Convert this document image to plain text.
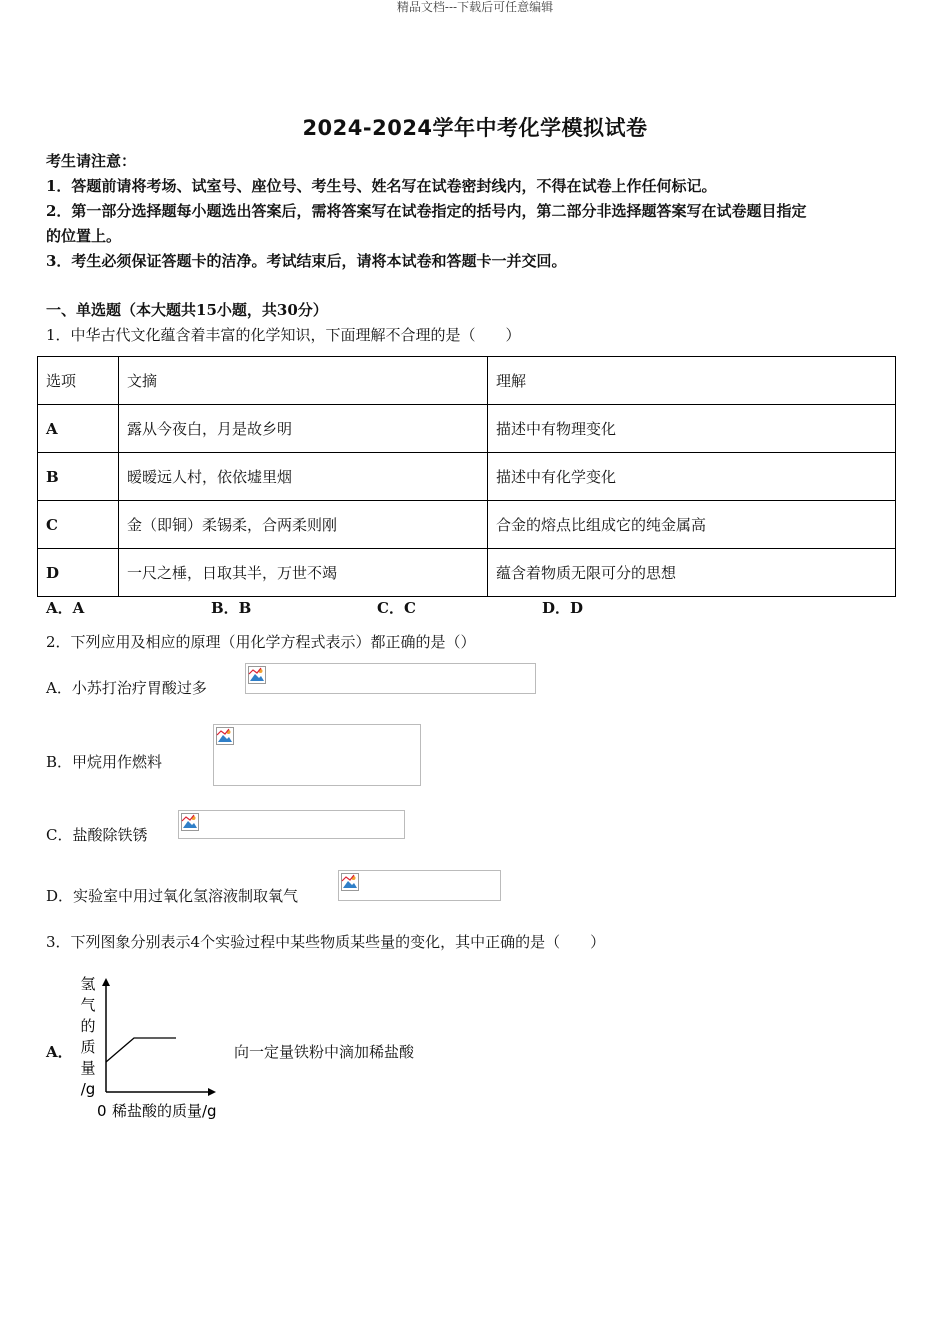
精品文档---下载后可任意编辑
2024-2024学年中考化学模拟试卷
考生请注意：
1．答题前请将考场、试室号、座位号、考生号、姓名写在试卷密封线内，不得在试卷上作任何标记。
2．第一部分选择题每小题选出答案后，需将答案写在试卷指定的括号内，第二部分非选择题答案写在试卷题目指定
的位置上。
3．考生必须保证答题卡的洁净。考试结束后，请将本试卷和答题卡一并交回。
一、单选题（本大题共15小题，共30分）
1．中华古代文化蕴含着丰富的化学知识，下面理解不合理的是（　　）
选项	文摘	理解
A	露从今夜白，月是故乡明	描述中有物理变化
B	暧暧远人村，依依墟里烟	描述中有化学变化
C	金（即铜）柔锡柔，合两柔则刚	合金的熔点比组成它的纯金属高
D	一尺之棰，日取其半，万世不竭	蕴含着物质无限可分的思想
A．A	B．B	C．C	D．D
2．下列应用及相应的原理（用化学方程式表示）都正确的是（）
A．小苏打治疗胃酸过多
B．甲烷用作燃料
C．盐酸除铁锈
D．实验室中用过氧化氢溶液制取氧气
3．下列图象分别表示4个实验过程中某些物质某些量的变化，其中正确的是（　　）
A．
氢
气
的
质
量
/g
0 稀盐酸的质量/g
向一定量铁粉中滴加稀盐酸
